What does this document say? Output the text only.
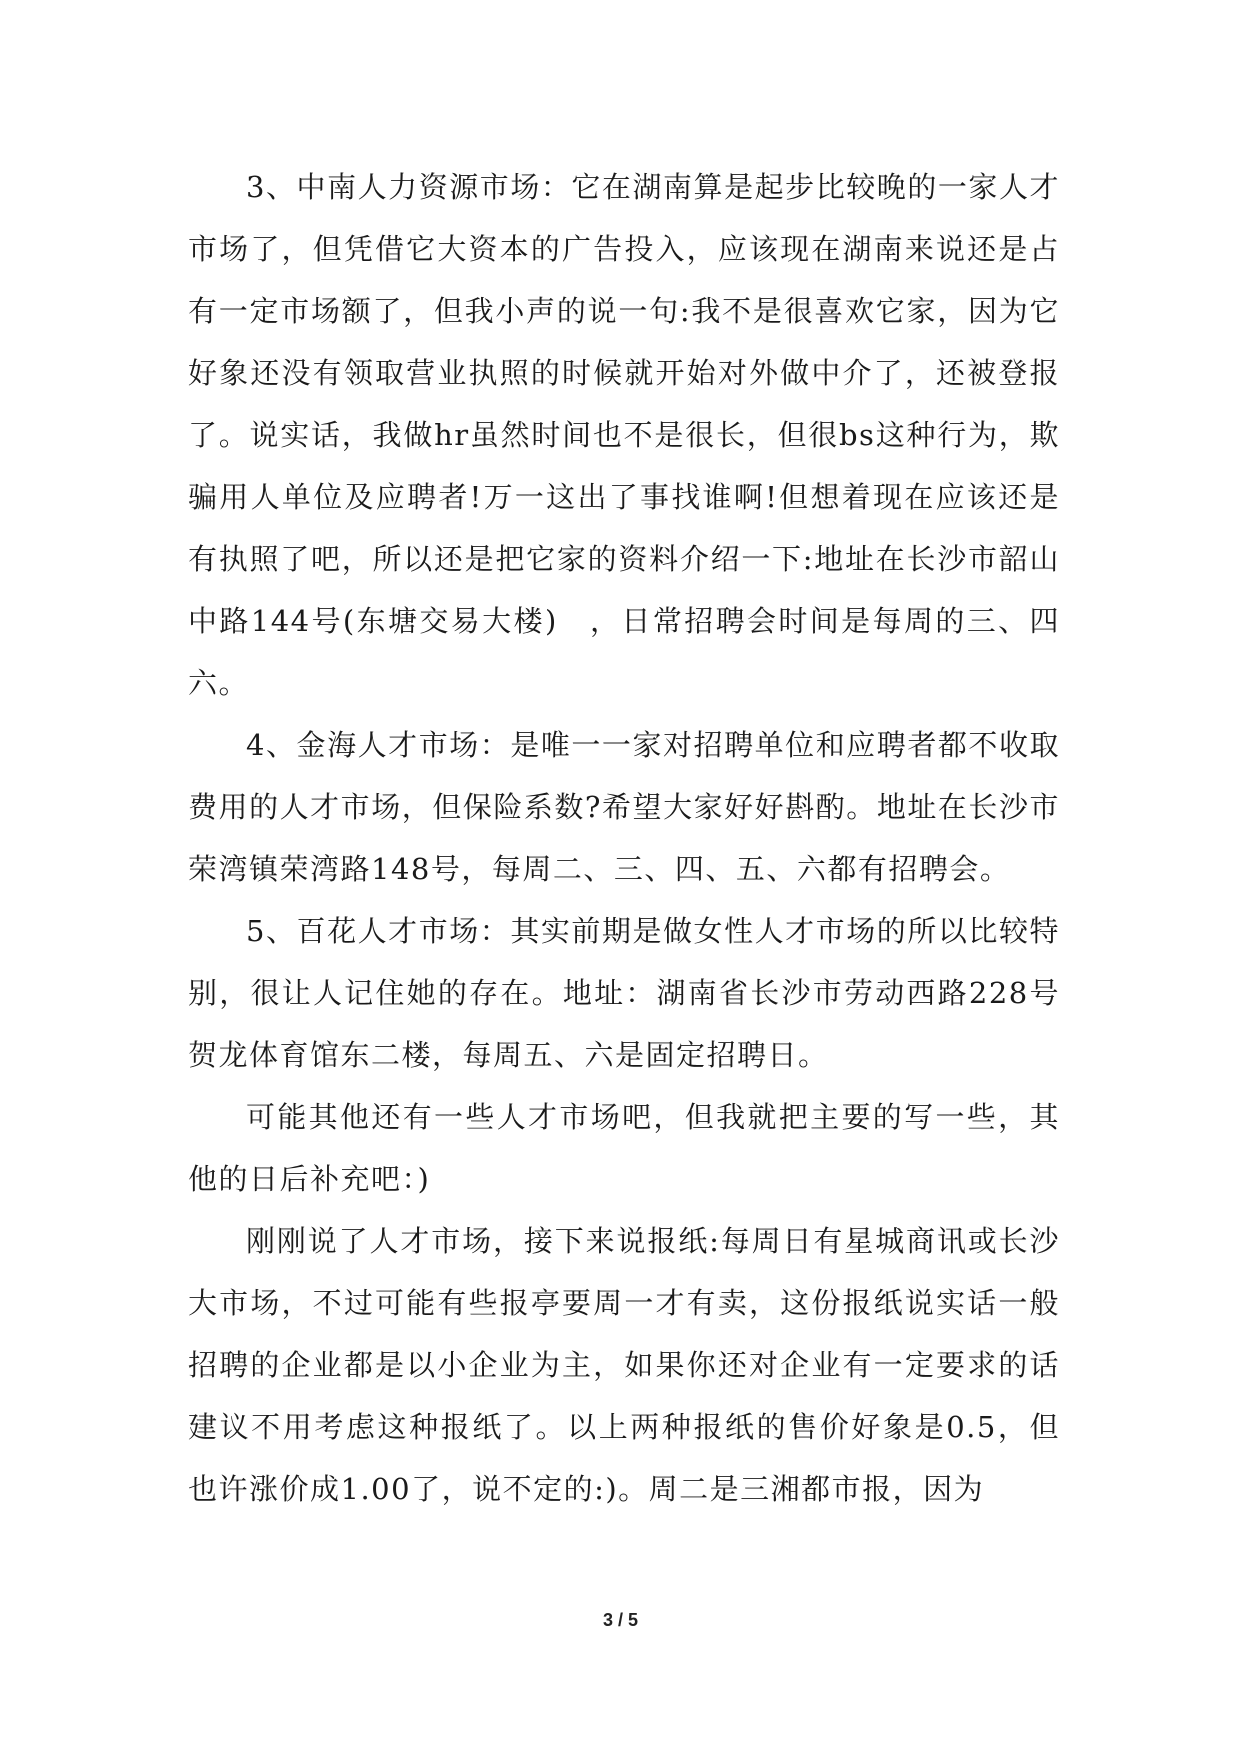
3、中南人力资源市场：它在湖南算是起步比较晚的一家人才市场了，但凭借它大资本的广告投入，应该现在湖南来说还是占有一定市场额了，但我小声的说一句:我不是很喜欢它家，因为它好象还没有领取营业执照的时候就开始对外做中介了，还被登报了。说实话，我做hr虽然时间也不是很长，但很bs这种行为，欺骗用人单位及应聘者!万一这出了事找谁啊!但想着现在应该还是有执照了吧，所以还是把它家的资料介绍一下:地址在长沙市韶山中路144号(东塘交易大楼)　，日常招聘会时间是每周的三、四六。

4、金海人才市场：是唯一一家对招聘单位和应聘者都不收取费用的人才市场，但保险系数?希望大家好好斟酌。地址在长沙市荣湾镇荣湾路148号，每周二、三、四、五、六都有招聘会。

5、百花人才市场：其实前期是做女性人才市场的所以比较特别，很让人记住她的存在。地址：湖南省长沙市劳动西路228号贺龙体育馆东二楼，每周五、六是固定招聘日。

可能其他还有一些人才市场吧，但我就把主要的写一些，其他的日后补充吧：)

刚刚说了人才市场，接下来说报纸:每周日有星城商讯或长沙大市场，不过可能有些报亭要周一才有卖，这份报纸说实话一般招聘的企业都是以小企业为主，如果你还对企业有一定要求的话建议不用考虑这种报纸了。以上两种报纸的售价好象是0.5，但也许涨价成1.00了，说不定的:)。周二是三湘都市报，因为

3 / 5
